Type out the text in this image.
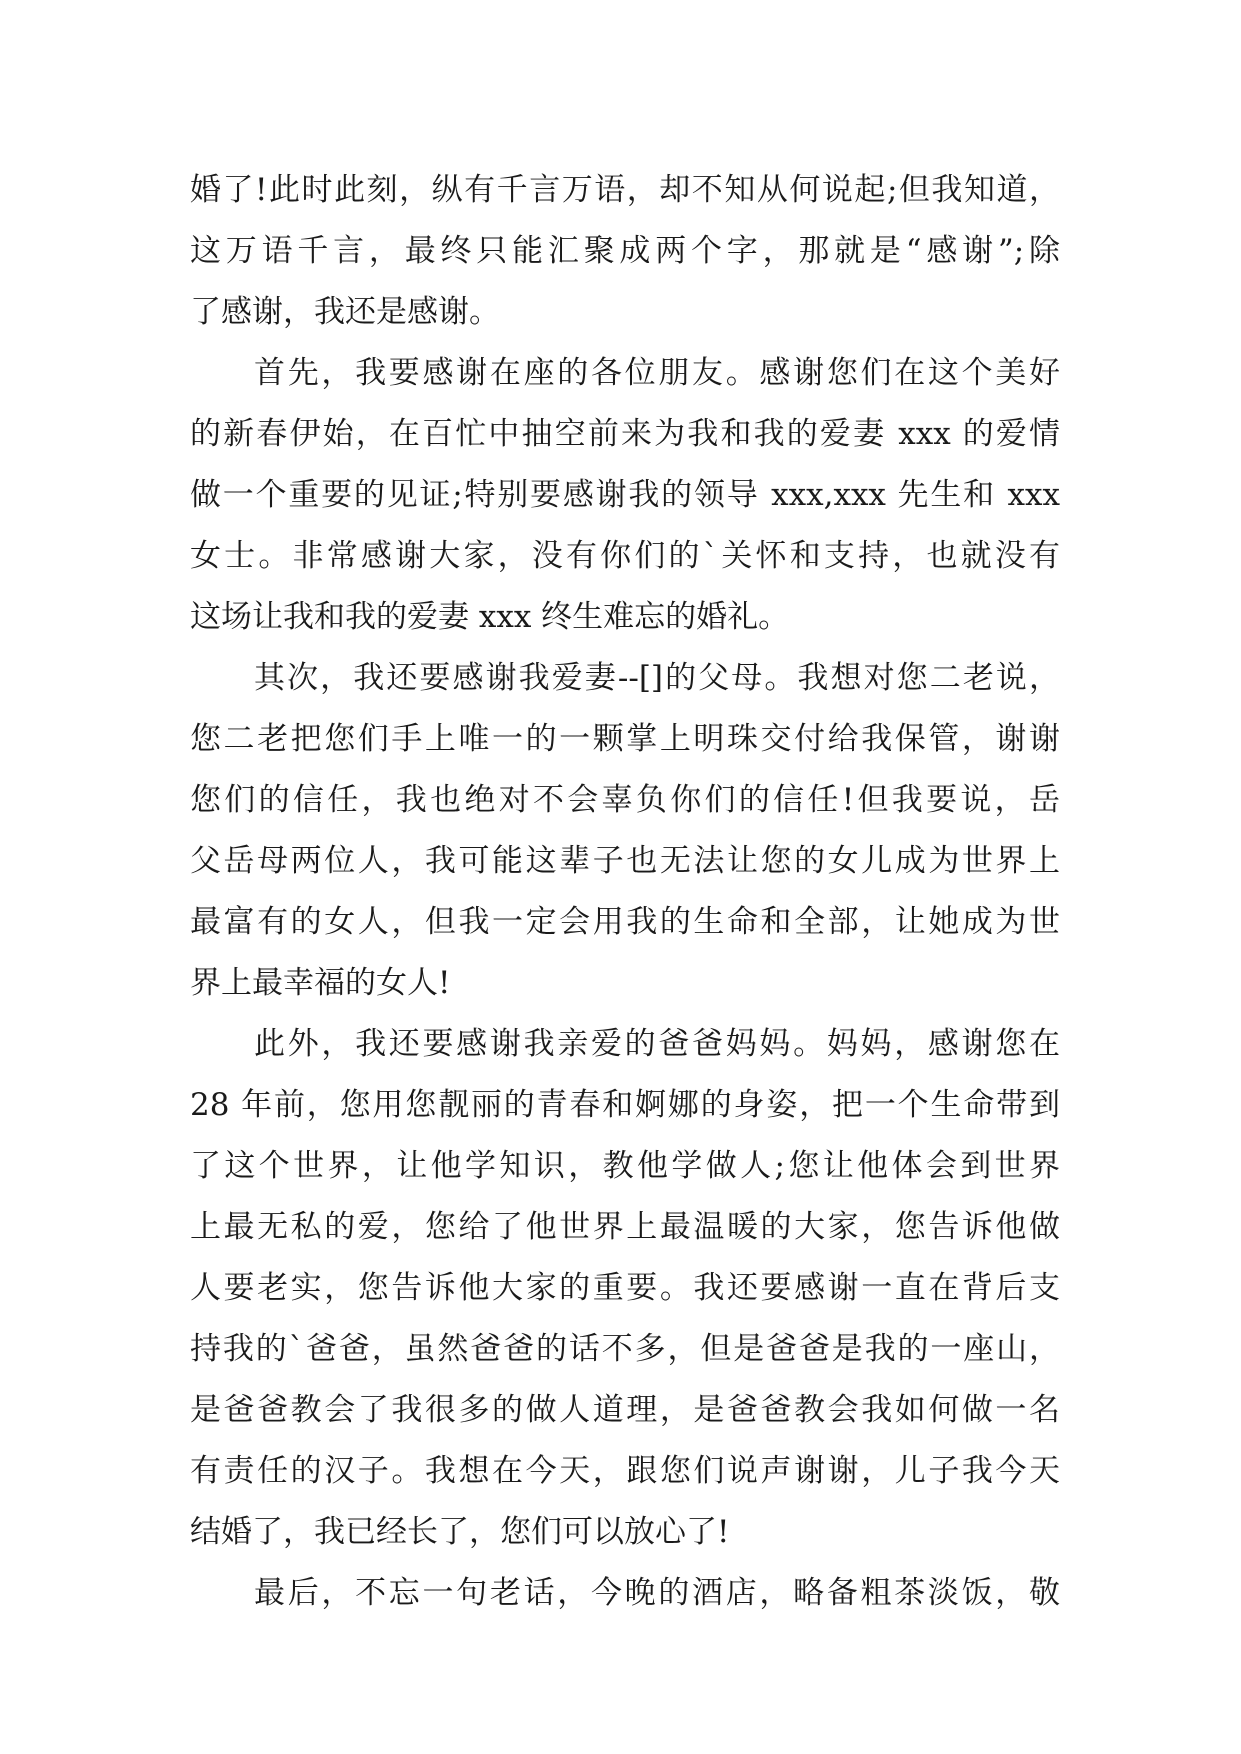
婚了!此时此刻，纵有千言万语，却不知从何说起;但我知道，
这万语千言，最终只能汇聚成两个字，那就是“感谢”;除
了感谢，我还是感谢。
首先，我要感谢在座的各位朋友。感谢您们在这个美好
的新春伊始，在百忙中抽空前来为我和我的爱妻 xxx 的爱情
做一个重要的见证;特别要感谢我的领导 xxx,xxx 先生和 xxx
女士。非常感谢大家，没有你们的`关怀和支持，也就没有
这场让我和我的爱妻 xxx 终生难忘的婚礼。
其次，我还要感谢我爱妻--[]的父母。我想对您二老说，
您二老把您们手上唯一的一颗掌上明珠交付给我保管，谢谢
您们的信任，我也绝对不会辜负你们的信任!但我要说，岳
父岳母两位人，我可能这辈子也无法让您的女儿成为世界上
最富有的女人，但我一定会用我的生命和全部，让她成为世
界上最幸福的女人!
此外，我还要感谢我亲爱的爸爸妈妈。妈妈，感谢您在
28 年前，您用您靓丽的青春和婀娜的身姿，把一个生命带到
了这个世界，让他学知识，教他学做人;您让他体会到世界
上最无私的爱，您给了他世界上最温暖的大家，您告诉他做
人要老实，您告诉他大家的重要。我还要感谢一直在背后支
持我的`爸爸，虽然爸爸的话不多，但是爸爸是我的一座山，
是爸爸教会了我很多的做人道理，是爸爸教会我如何做一名
有责任的汉子。我想在今天，跟您们说声谢谢，儿子我今天
结婚了，我已经长了，您们可以放心了!
最后，不忘一句老话，今晚的酒店，略备粗茶淡饭，敬
